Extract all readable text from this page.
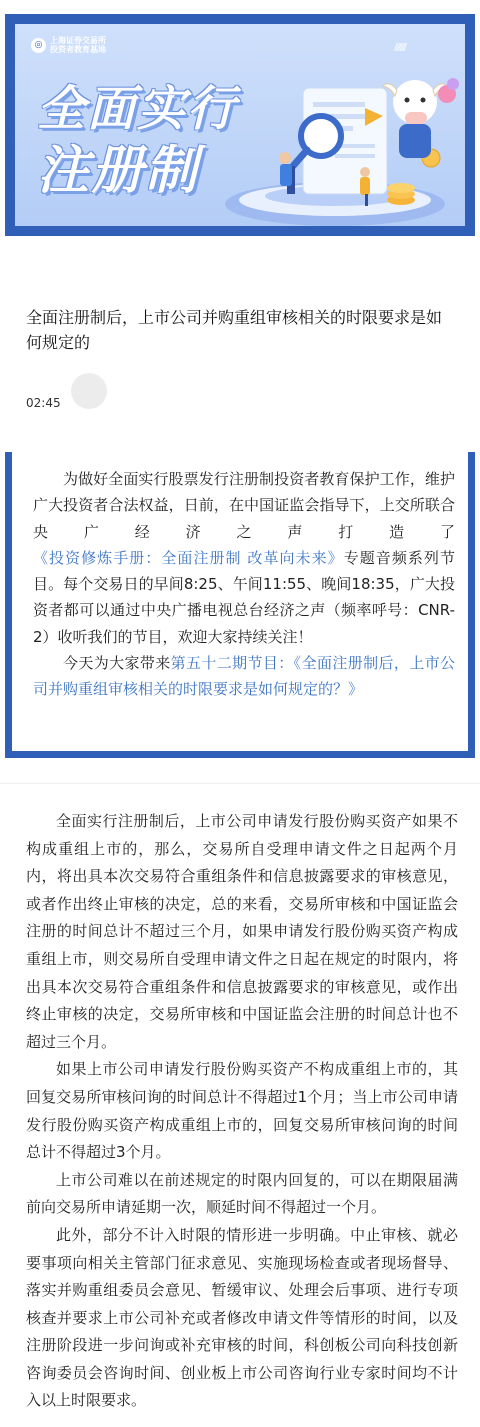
◎ 上海证券交易所
投资者教育基地	////////
全面实行
注册制
全面注册制后，上市公司并购重组审核相关的时限要求是如何规定的
02:45

为做好全面实行股票发行注册制投资者教育保护工作，维护广大投资者合法权益，日前，在中国证监会指导下，上交所联合央广经济之声打造了《投资修炼手册：全面注册制 改革向未来》专题音频系列节目。每个交易日的早间8:25、午间11:55、晚间18:35，广大投资者都可以通过中央广播电视总台经济之声（频率呼号：CNR-2）收听我们的节目，欢迎大家持续关注！

今天为大家带来第五十二期节目：《全面注册制后，上市公司并购重组审核相关的时限要求是如何规定的？》

全面实行注册制后，上市公司申请发行股份购买资产如果不构成重组上市的，那么，交易所自受理申请文件之日起两个月内，将出具本次交易符合重组条件和信息披露要求的审核意见，或者作出终止审核的决定，总的来看，交易所审核和中国证监会注册的时间总计不超过三个月，如果申请发行股份购买资产构成重组上市，则交易所自受理申请文件之日起在规定的时限内，将出具本次交易符合重组条件和信息披露要求的审核意见，或作出终止审核的决定，交易所审核和中国证监会注册的时间总计也不超过三个月。

如果上市公司申请发行股份购买资产不构成重组上市的，其回复交易所审核问询的时间总计不得超过1个月；当上市公司申请发行股份购买资产构成重组上市的，回复交易所审核问询的时间总计不得超过3个月。

上市公司难以在前述规定的时限内回复的，可以在期限届满前向交易所申请延期一次，顺延时间不得超过一个月。

此外，部分不计入时限的情形进一步明确。中止审核、就必要事项向相关主管部门征求意见、实施现场检查或者现场督导、落实并购重组委员会意见、暂缓审议、处理会后事项、进行专项核查并要求上市公司补充或者修改申请文件等情形的时间，以及注册阶段进一步问询或补充审核的时间，科创板公司向科技创新咨询委员会咨询时间、创业板上市公司咨询行业专家时间均不计入以上时限要求。
